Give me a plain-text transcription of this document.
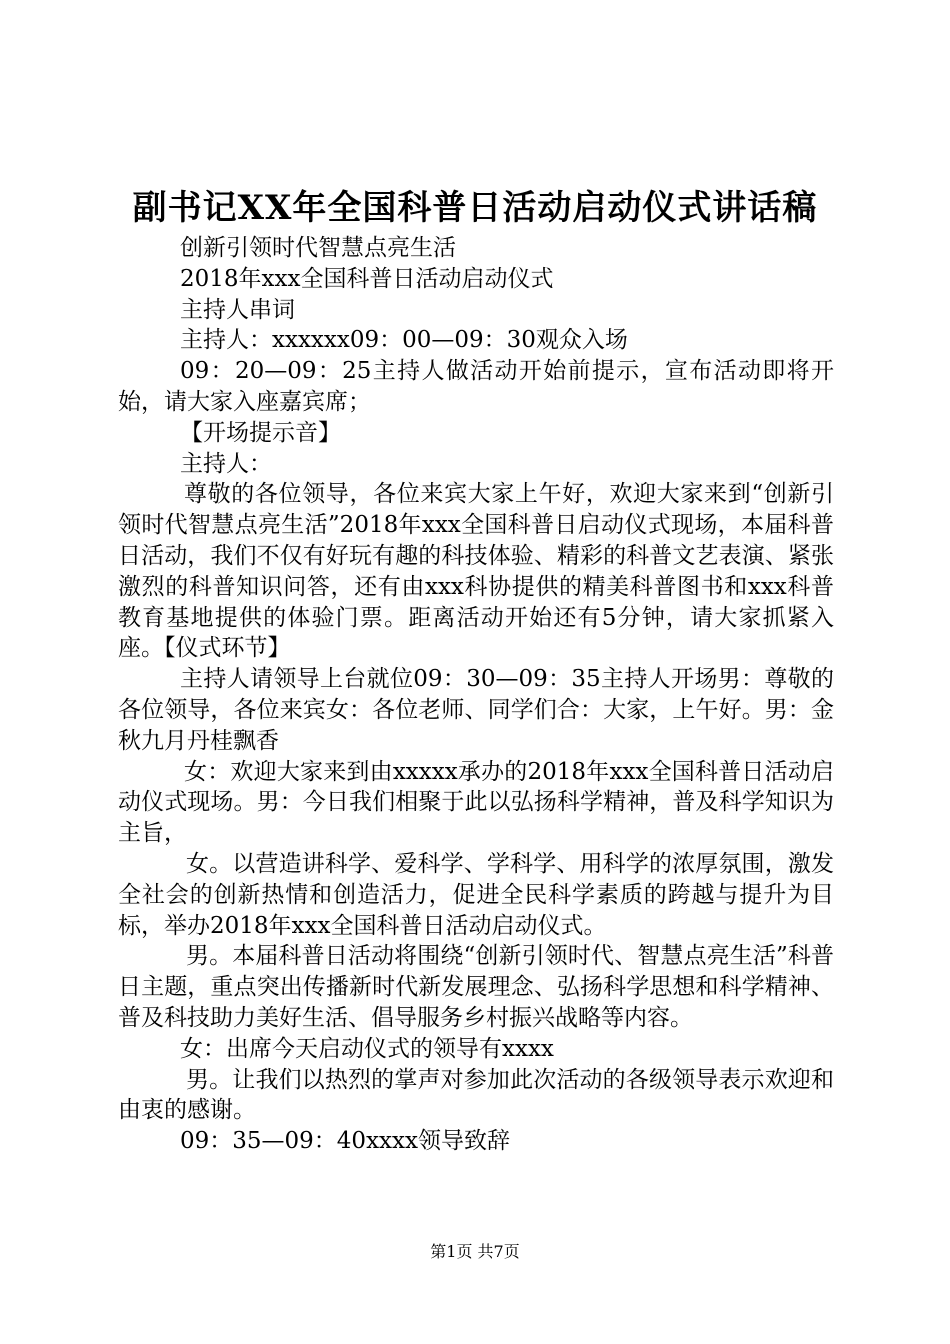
副书记XX年全国科普日活动启动仪式讲话稿

创新引领时代智慧点亮生活

2018年xxx全国科普日活动启动仪式

主持人串词

主持人：xxxxxx09：00—09：30观众入场

09：20—09：25主持人做活动开始前提示，宣布活动即将开始，请大家入座嘉宾席；

【开场提示音】

主持人：

尊敬的各位领导，各位来宾大家上午好，欢迎大家来到“创新引领时代智慧点亮生活”2018年xxx全国科普日启动仪式现场，本届科普日活动，我们不仅有好玩有趣的科技体验、精彩的科普文艺表演、紧张激烈的科普知识问答，还有由xxx科协提供的精美科普图书和xxx科普教育基地提供的体验门票。距离活动开始还有5分钟，请大家抓紧入座。【仪式环节】

主持人请领导上台就位09：30—09：35主持人开场男：尊敬的各位领导，各位来宾女：各位老师、同学们合：大家，上午好。男：金秋九月丹桂飘香

女：欢迎大家来到由xxxxx承办的2018年xxx全国科普日活动启动仪式现场。男：今日我们相聚于此以弘扬科学精神，普及科学知识为主旨，

女。以营造讲科学、爱科学、学科学、用科学的浓厚氛围，激发全社会的创新热情和创造活力，促进全民科学素质的跨越与提升为目标，举办2018年xxx全国科普日活动启动仪式。

男。本届科普日活动将围绕“创新引领时代、智慧点亮生活”科普日主题，重点突出传播新时代新发展理念、弘扬科学思想和科学精神、普及科技助力美好生活、倡导服务乡村振兴战略等内容。

女：出席今天启动仪式的领导有xxxx

男。让我们以热烈的掌声对参加此次活动的各级领导表示欢迎和由衷的感谢。

09：35—09：40xxxx领导致辞

第1页 共7页
